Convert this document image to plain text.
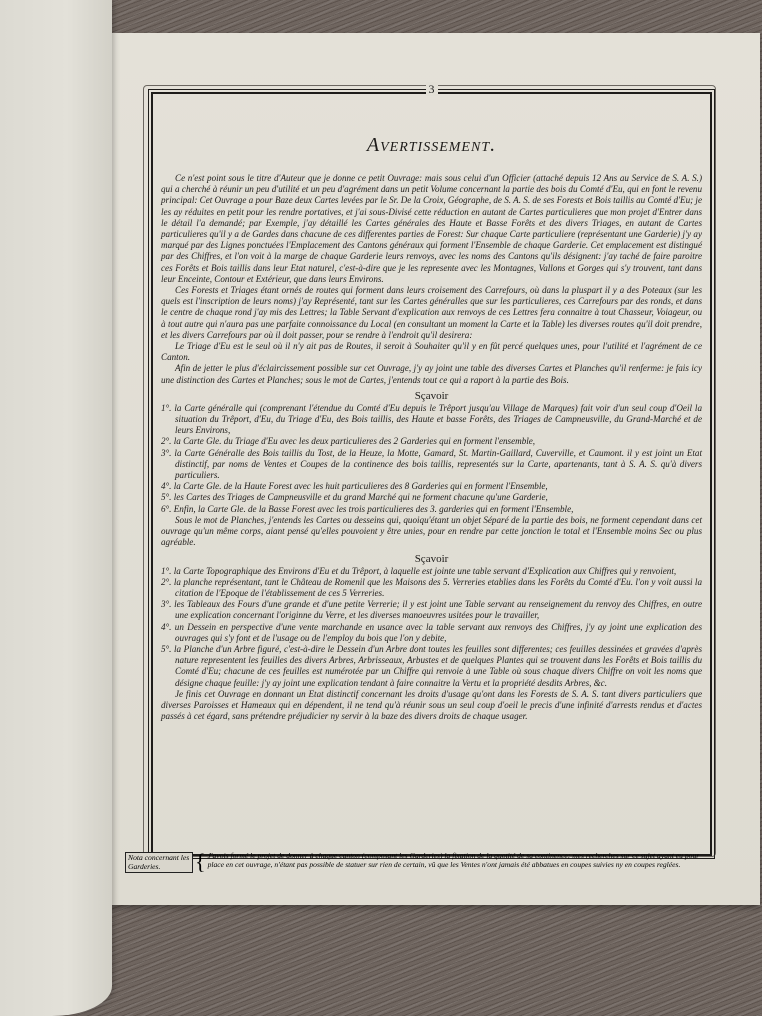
3
Avertissement.

Ce n'est point sous le titre d'Auteur que je donne ce petit Ouvrage: mais sous celui d'un Officier (attaché depuis 12 Ans au Service de S. A. S.) qui a cherché à réunir un peu d'utilité et un peu d'agrément dans un petit Volume concernant la partie des bois du Comté d'Eu, qui en font le revenu principal: Cet Ouvrage a pour Baze deux Cartes levées par le Sr. De la Croix, Géographe, de S. A. S. de ses Forests et Bois taillis au Comté d'Eu; je les ay réduites en petit pour les rendre portatives, et j'ai sous-Divisé cette réduction en autant de Cartes particulieres que mon projet d'Entrer dans le détail l'a demandé; par Exemple, j'ay détaillé les Cartes générales des Haute et Basse Forêts et des divers Triages, en autant de Cartes particulieres qu'il y a de Gardes dans chacune de ces differentes parties de Forest: Sur chaque Carte particuliere (représentant une Garderie) j'y ay marqué par des Lignes ponctuées l'Emplacement des Cantons généraux qui forment l'Ensemble de chaque Garderie. Cet emplacement est distingué par des Chiffres, et l'on voit à la marge de chaque Garderie leurs renvoys, avec les noms des Cantons qu'ils désignent: j'ay taché de faire paroitre ces Forêts et Bois taillis dans leur Etat naturel, c'est-à-dire que je les represente avec les Montagnes, Vallons et Gorges qui s'y trouvent, tant dans leur Enceinte, Contour et Extérieur, que dans leurs Environs.

Ces Forests et Triages étant ornés de routes qui forment dans leurs croisement des Carrefours, où dans la pluspart il y a des Poteaux (sur les quels est l'inscription de leurs noms) j'ay Représenté, tant sur les Cartes généralles que sur les particulieres, ces Carrefours par des ronds, et dans le centre de chaque rond j'ay mis des Lettres; la Table Servant d'explication aux renvoys de ces Lettres fera connaitre à tout Chasseur, Voiageur, ou à tout autre qui n'aura pas une parfaite connoissance du Local (en consultant un moment la Carte et la Table) les diverses routes qu'il doit prendre, et les divers Carrefours par où il doit passer, pour se rendre à l'endroit qu'il desirera:

Le Triage d'Eu est le seul où il n'y ait pas de Routes, il seroit à Souhaiter qu'il y en fût percé quelques unes, pour l'utilité et l'agrément de ce Canton.

Afin de jetter le plus d'éclaircissement possible sur cet Ouvrage, j'y ay joint une table des diverses Cartes et Planches qu'il renferme: je fais icy une distinction des Cartes et Planches; sous le mot de Cartes, j'entends tout ce qui a raport à la partie des Bois.

Sçavoir

1°. la Carte généralle qui (comprenant l'étendue du Comté d'Eu depuis le Trêport jusqu'au Village de Marques) fait voir d'un seul coup d'Oeil la situation du Trêport, d'Eu, du Triage d'Eu, des Bois taillis, des Haute et basse Forêts, des Triages de Campneusville, du Grand-Marché et de leurs Environs,

2°. la Carte Gle. du Triage d'Eu avec les deux particulieres des 2 Garderies qui en forment l'ensemble,

3°. la Carte Généralle des Bois taillis du Tost, de la Heuze, la Motte, Gamard, St. Martin-Gaillard, Cuverville, et Caumont. il y est joint un Etat distinctif, par noms de Ventes et Coupes de la continence des bois taillis, representés sur la Carte, apartenants, tant à S. A. S. qu'à divers particuliers.

4°. la Carte Gle. de la Haute Forest avec les huit particulieres des 8 Garderies qui en forment l'Ensemble,

5°. les Cartes des Triages de Campneusville et du grand Marché qui ne forment chacune qu'une Garderie,

6°. Enfin, la Carte Gle. de la Basse Forest avec les trois particulieres des 3. garderies qui en forment l'Ensemble,

Sous le mot de Planches, j'entends les Cartes ou desseins qui, quoiqu'étant un objet Séparé de la partie des bois, ne forment cependant dans cet ouvrage qu'un même corps, aiant pensé qu'elles pouvoient y être unies, pour en rendre par cette jonction le total et l'Ensemble moins Sec ou plus agréable.

Sçavoir

1°. la Carte Topographique des Environs d'Eu et du Trêport, à laquelle est jointe une table servant d'Explication aux Chiffres qui y renvoient,

2°. la planche représentant, tant le Château de Romenil que les Maisons des 5. Verreries etablies dans les Forêts du Comté d'Eu. l'on y voit aussi la citation de l'Epoque de l'établissement de ces 5 Verreries.

3°. les Tableaux des Fours d'une grande et d'une petite Verrerie; il y est joint une Table servant au renseignement du renvoy des Chiffres, en outre une explication concernant l'originne du Verre, et les diverses manoeuvres usitées pour le travailler,

4°. un Dessein en perspective d'une vente marchande en usance avec la table servant aux renvoys des Chiffres, j'y ay joint une explication des ouvrages qui s'y font et de l'usage ou de l'employ du bois que l'on y debite,

5°. la Planche d'un Arbre figuré, c'est-à-dire le Dessein d'un Arbre dont toutes les feuilles sont differentes; ces feuilles dessinées et gravées d'après nature representent les feuilles des divers Arbres, Arbrisseaux, Arbustes et de quelques Plantes qui se trouvent dans les Forêts et Bois taillis du Comté d'Eu; chacune de ces feuilles est numérotée par un Chiffre qui renvoie à une Table où sous chaque divers Chiffre on voit les noms que désigne chaque feuille: j'y ay joint une explication tendant à faire connaitre la Vertu et la propriété desdits Arbres, &c.

Je finis cet Ouvrage en donnant un Etat distinctif concernant les droits d'usage qu'ont dans les Forests de S. A. S. tant divers particuliers que diverses Paroisses et Hameaux qui en dépendent, il ne tend qu'à réunir sous un seul coup d'oeil le precis d'une infinité d'arrests rendus et d'actes passés à cet égard, sans prétendre préjudicier ny servir à la baze des divers droits de chaque usager.

Nota concernant les Garderies.	{ J'avois formé le projet de donner à chaque canton (composant les Garderies) la fixation de la quotité de sa continence; mes recherches sur ce sujet ayant eu pour place en cet ouvrage, n'étant pas possible de statuer sur rien de certain, vû que les Ventes n'ont jamais été abbatues en coupes suivies ny en coupes reglées.
